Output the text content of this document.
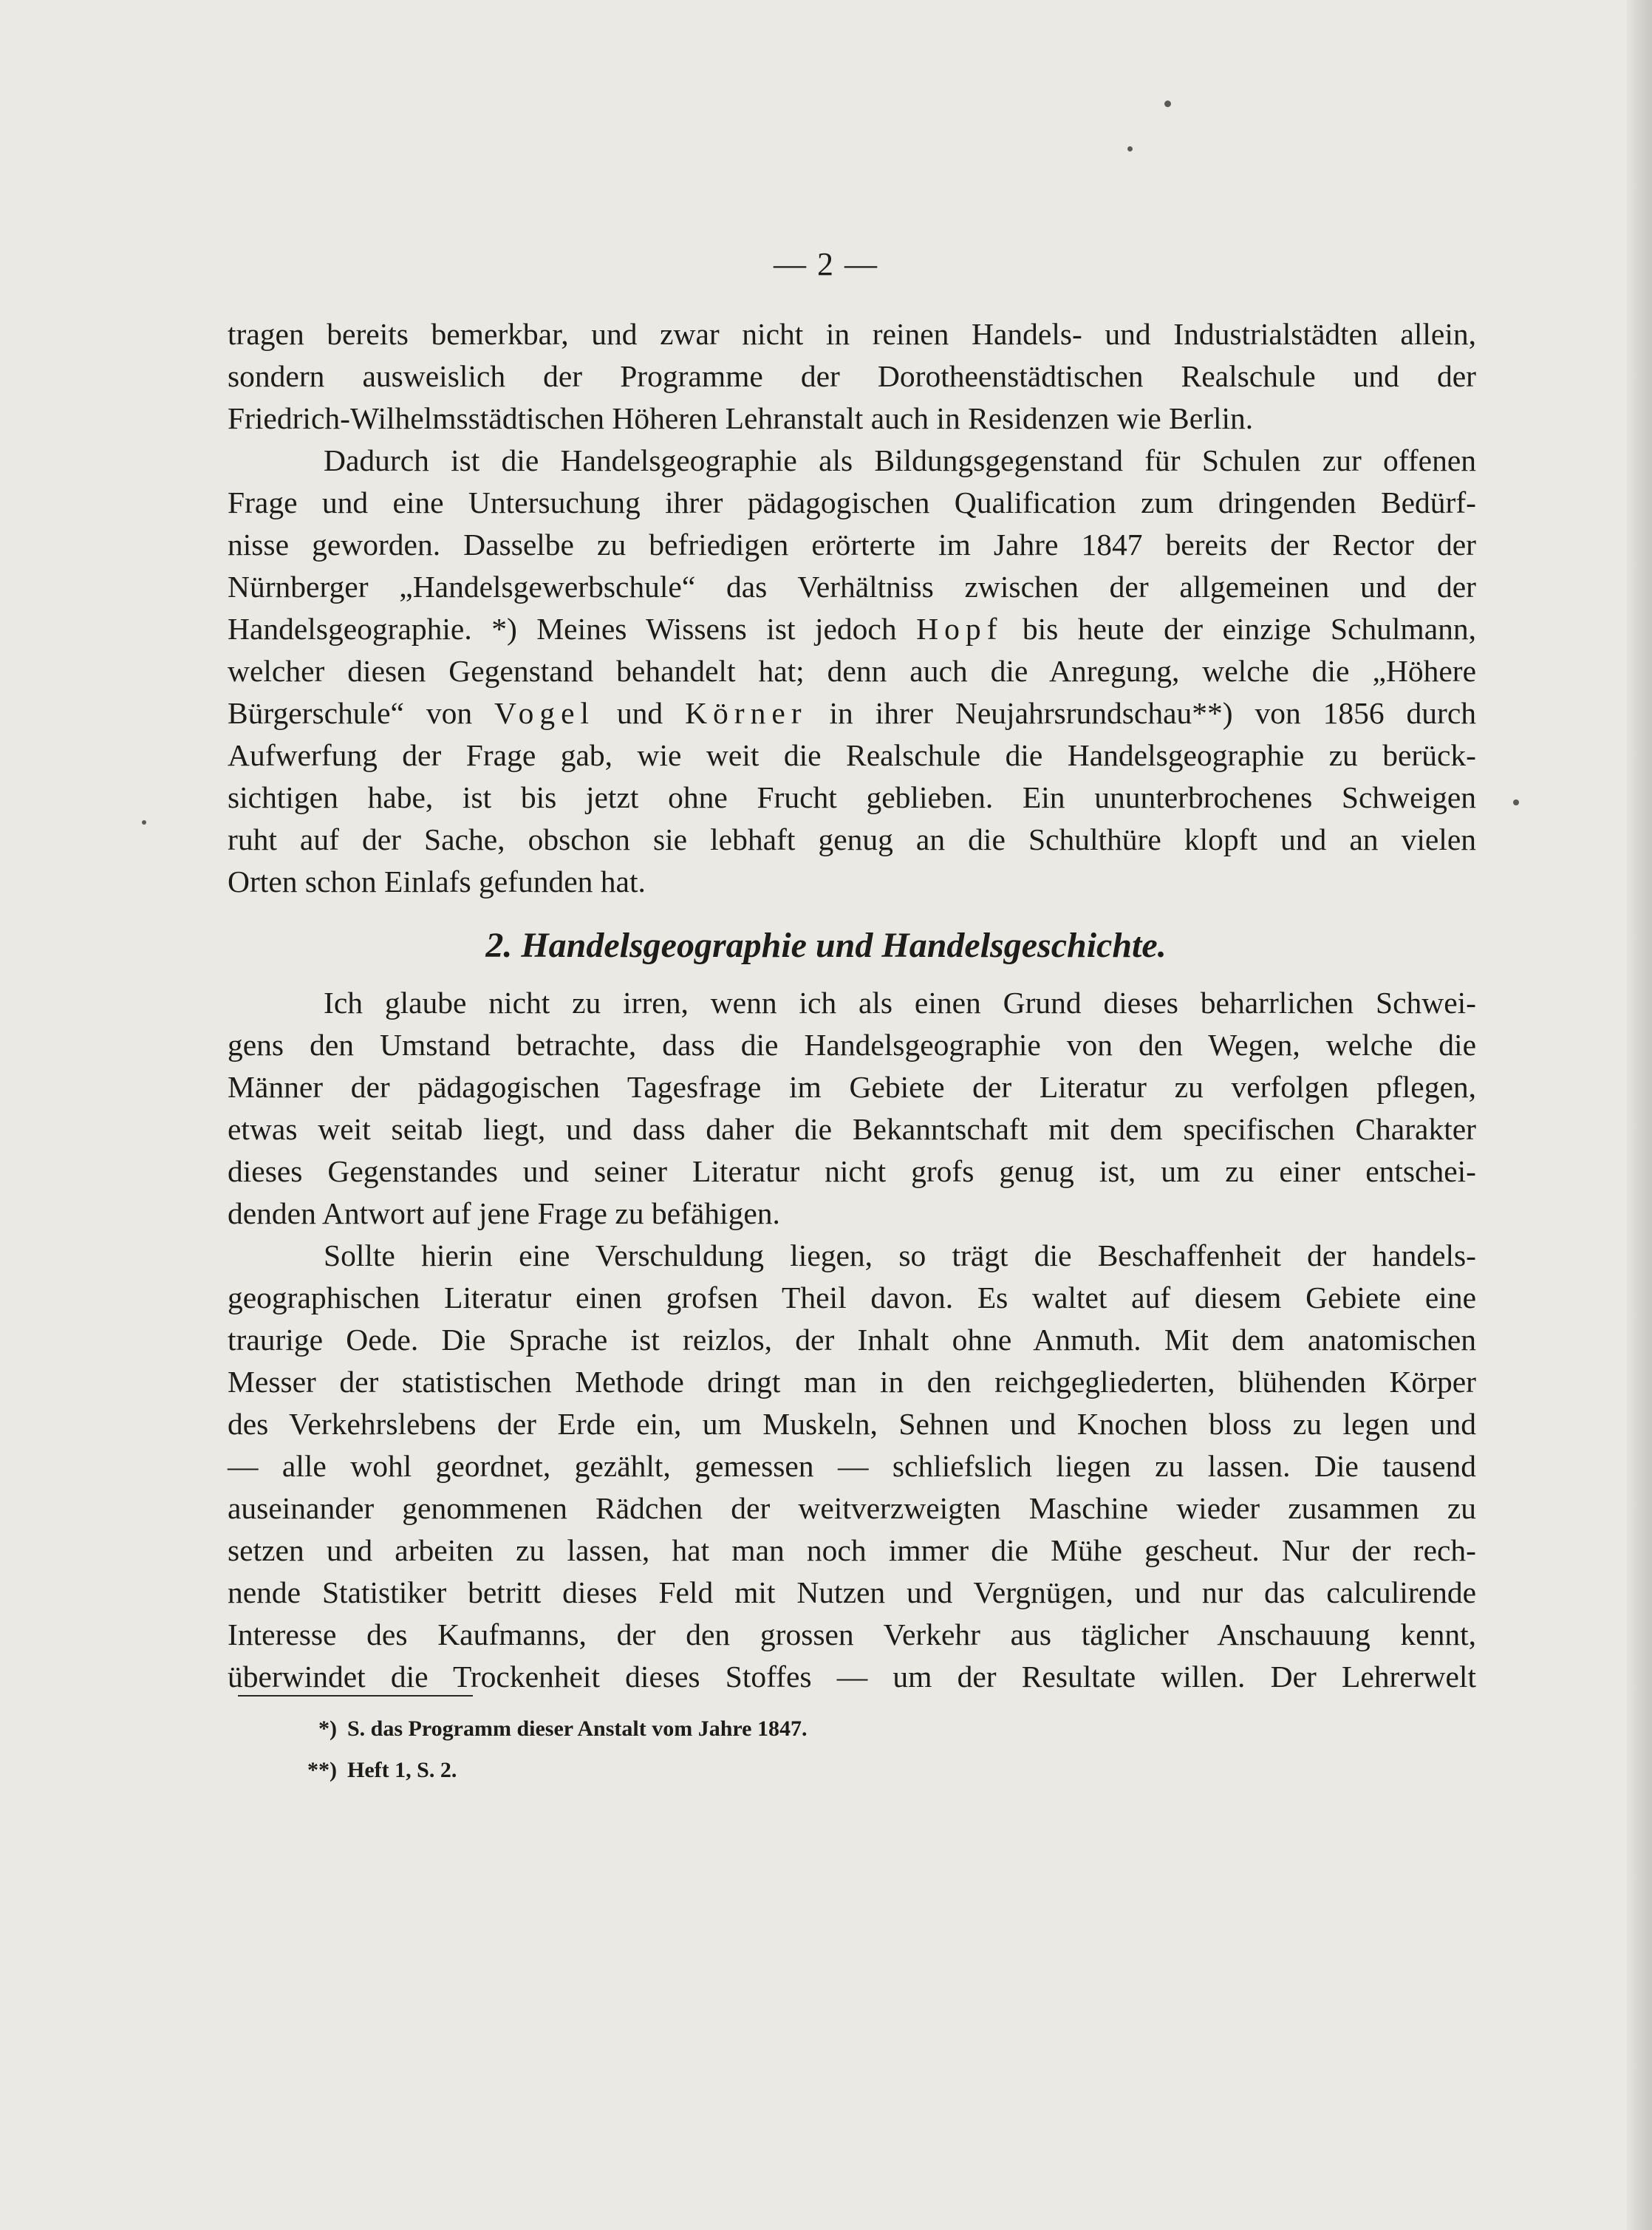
— 2 —

tragen bereits bemerkbar, und zwar nicht in reinen Handels- und Industrialstädten allein,
sondern ausweislich der Programme der Dorotheenstädtischen Realschule und der
Friedrich-Wilhelmsstädtischen Höheren Lehranstalt auch in Residenzen wie Berlin.

Dadurch ist die Handelsgeographie als Bildungsgegenstand für Schulen zur offenen
Frage und eine Untersuchung ihrer pädagogischen Qualification zum dringenden Bedürf-
nisse geworden. Dasselbe zu befriedigen erörterte im Jahre 1847 bereits der Rector der
Nürnberger „Handelsgewerbschule“ das Verhältniss zwischen der allgemeinen und der
Handelsgeographie. *) Meines Wissens ist jedoch Hopf bis heute der einzige Schulmann,
welcher diesen Gegenstand behandelt hat; denn auch die Anregung, welche die „Höhere
Bürgerschule“ von Vogel und Körner in ihrer Neujahrsrundschau**) von 1856 durch
Aufwerfung der Frage gab, wie weit die Realschule die Handelsgeographie zu berück-
sichtigen habe, ist bis jetzt ohne Frucht geblieben. Ein ununterbrochenes Schweigen
ruht auf der Sache, obschon sie lebhaft genug an die Schulthüre klopft und an vielen
Orten schon Einlafs gefunden hat.

2. Handelsgeographie und Handelsgeschichte.

Ich glaube nicht zu irren, wenn ich als einen Grund dieses beharrlichen Schwei-
gens den Umstand betrachte, dass die Handelsgeographie von den Wegen, welche die
Männer der pädagogischen Tagesfrage im Gebiete der Literatur zu verfolgen pflegen,
etwas weit seitab liegt, und dass daher die Bekanntschaft mit dem specifischen Charakter
dieses Gegenstandes und seiner Literatur nicht grofs genug ist, um zu einer entschei-
denden Antwort auf jene Frage zu befähigen.

Sollte hierin eine Verschuldung liegen, so trägt die Beschaffenheit der handels-
geographischen Literatur einen grofsen Theil davon. Es waltet auf diesem Gebiete eine
traurige Oede. Die Sprache ist reizlos, der Inhalt ohne Anmuth. Mit dem anatomischen
Messer der statistischen Methode dringt man in den reichgegliederten, blühenden Körper
des Verkehrslebens der Erde ein, um Muskeln, Sehnen und Knochen bloss zu legen und
— alle wohl geordnet, gezählt, gemessen — schliefslich liegen zu lassen. Die tausend
auseinander genommenen Rädchen der weitverzweigten Maschine wieder zusammen zu
setzen und arbeiten zu lassen, hat man noch immer die Mühe gescheut. Nur der rech-
nende Statistiker betritt dieses Feld mit Nutzen und Vergnügen, und nur das calculirende
Interesse des Kaufmanns, der den grossen Verkehr aus täglicher Anschauung kennt,
überwindet die Trockenheit dieses Stoffes — um der Resultate willen. Der Lehrerwelt

*) S. das Programm dieser Anstalt vom Jahre 1847.
**) Heft 1, S. 2.
